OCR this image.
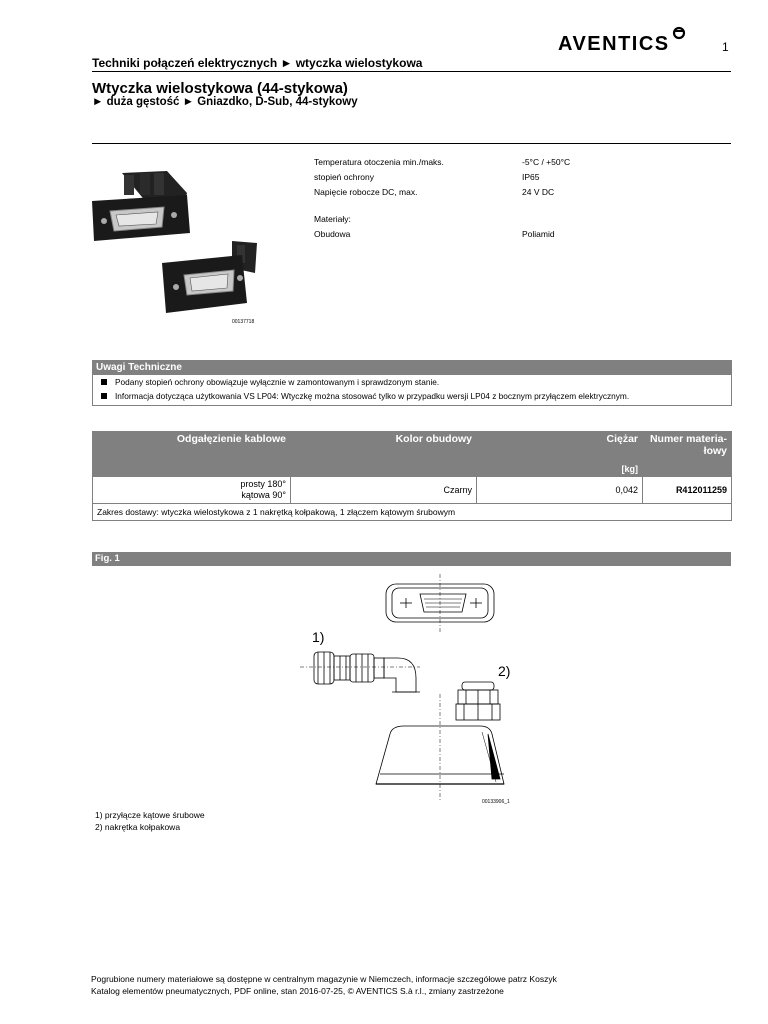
AVENTICS	1
Techniki połączeń elektrycznych ► wtyczka wielostykowa
Wtyczka wielostykowa (44-stykowa)
► duża gęstość ► Gniazdko, D-Sub, 44-stykowy
00137718
Temperatura otoczenia min./maks.	-5°C / +50°C
stopień ochrony	IP65
Napięcie robocze DC, max.	24 V DC
Materiały:
Obudowa	Poliamid
Uwagi Techniczne
Podany stopień ochrony obowiązuje wyłącznie w zamontowanym i sprawdzonym stanie.
Informacja dotycząca użytkowania VS LP04: Wtyczkę można stosować tylko w przypadku wersji LP04 z bocznym przyłączem elektrycznym.
Odgałęzienie kablowe	Kolor obudowy	Ciężar	Numer materia-łowy
		[kg]	

prosty 180°
kątowa 90°	Czarny	0,042	R412011259
Zakres dostawy: wtyczka wielostykowa z 1 nakrętką kołpakową, 1 złączem kątowym śrubowym			
Fig. 1
1)
2)
00133906_1
1) przyłącze kątowe śrubowe
2) nakrętka kołpakowa
Pogrubione numery materiałowe są dostępne w centralnym magazynie w Niemczech, informacje szczegółowe patrz Koszyk
Katalog elementów pneumatycznych, PDF online, stan 2016-07-25, © AVENTICS S.à r.l., zmiany zastrzeżone
